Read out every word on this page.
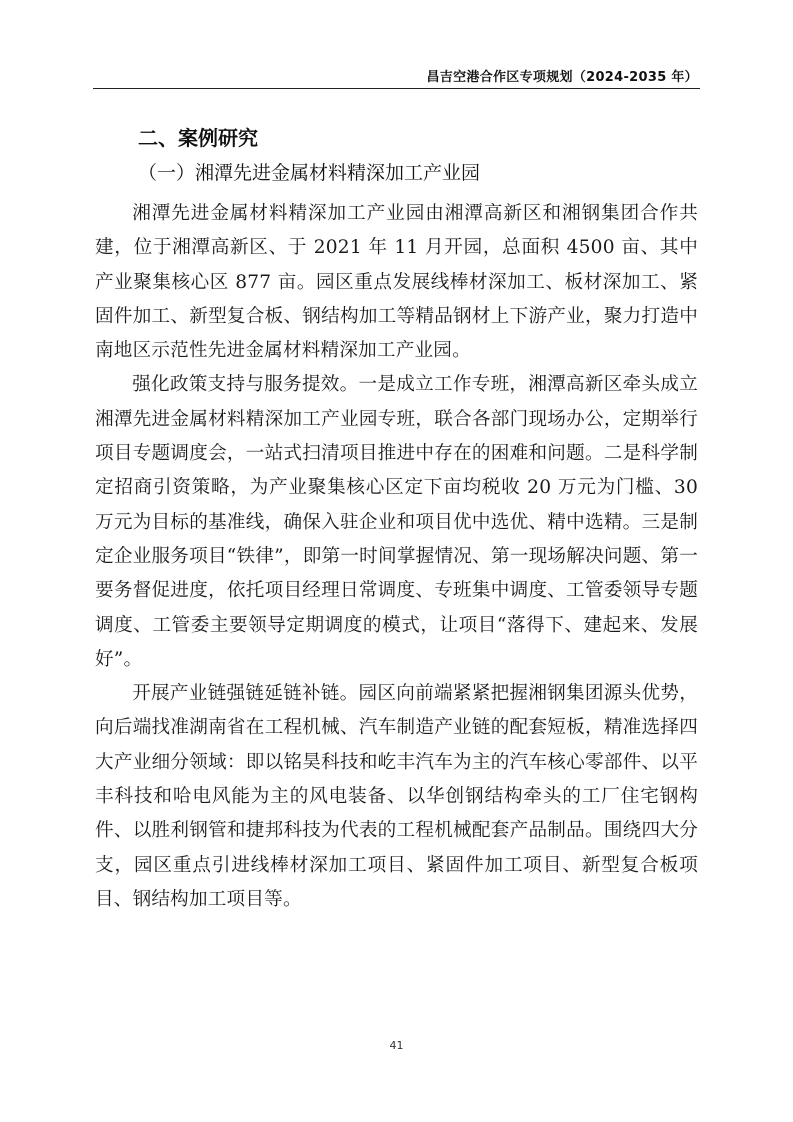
昌吉空港合作区专项规划（2024-2035 年）
二、案例研究
（一）湘潭先进金属材料精深加工产业园

湘潭先进金属材料精深加工产业园由湘潭高新区和湘钢集团合作共建，位于湘潭高新区、于 2021 年 11 月开园，总面积 4500 亩、其中产业聚集核心区 877 亩。园区重点发展线棒材深加工、板材深加工、紧固件加工、新型复合板、钢结构加工等精品钢材上下游产业，聚力打造中南地区示范性先进金属材料精深加工产业园。

强化政策支持与服务提效。一是成立工作专班，湘潭高新区牵头成立湘潭先进金属材料精深加工产业园专班，联合各部门现场办公，定期举行项目专题调度会，一站式扫清项目推进中存在的困难和问题。二是科学制定招商引资策略，为产业聚集核心区定下亩均税收 20 万元为门槛、30 万元为目标的基准线，确保入驻企业和项目优中选优、精中选精。三是制定企业服务项目“铁律”，即第一时间掌握情况、第一现场解决问题、第一要务督促进度，依托项目经理日常调度、专班集中调度、工管委领导专题调度、工管委主要领导定期调度的模式，让项目“落得下、建起来、发展好”。

开展产业链强链延链补链。园区向前端紧紧把握湘钢集团源头优势，向后端找准湖南省在工程机械、汽车制造产业链的配套短板，精准选择四大产业细分领域：即以铭昊科技和屹丰汽车为主的汽车核心零部件、以平丰科技和哈电风能为主的风电装备、以华创钢结构牵头的工厂住宅钢构件、以胜利钢管和捷邦科技为代表的工程机械配套产品制品。围绕四大分支，园区重点引进线棒材深加工项目、紧固件加工项目、新型复合板项目、钢结构加工项目等。

41
